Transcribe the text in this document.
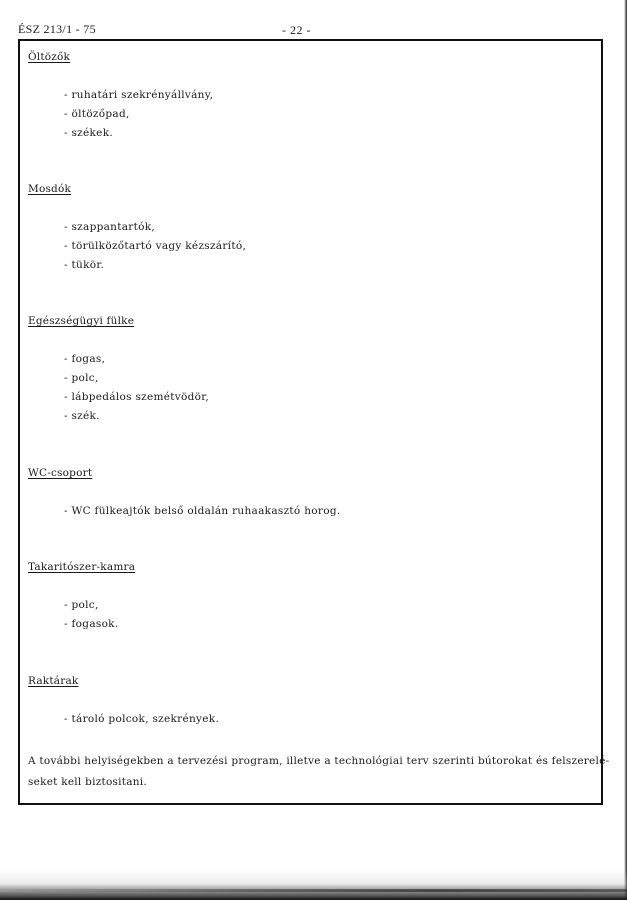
ÉSZ 213/1 - 75	- 22 -
Öltözők
- ruhatári szekrényállvány,
- öltözőpad,
- székek.
Mosdók
- szappantartók,
- törülközőtartó vagy kézszárító,
- tükör.
Egészségügyi fülke
- fogas,
- polc,
- lábpedálos szemétvödör,
- szék.
WC-csoport
- WC fülkeajtók belső oldalán ruhaakasztó horog.
Takaritószer-kamra
- polc,
- fogasok.
Raktárak
- tároló polcok, szekrények.
A további helyiségekben a tervezési program, illetve a technológiai terv szerinti bútorokat és felszerelé-
seket kell biztositani.
